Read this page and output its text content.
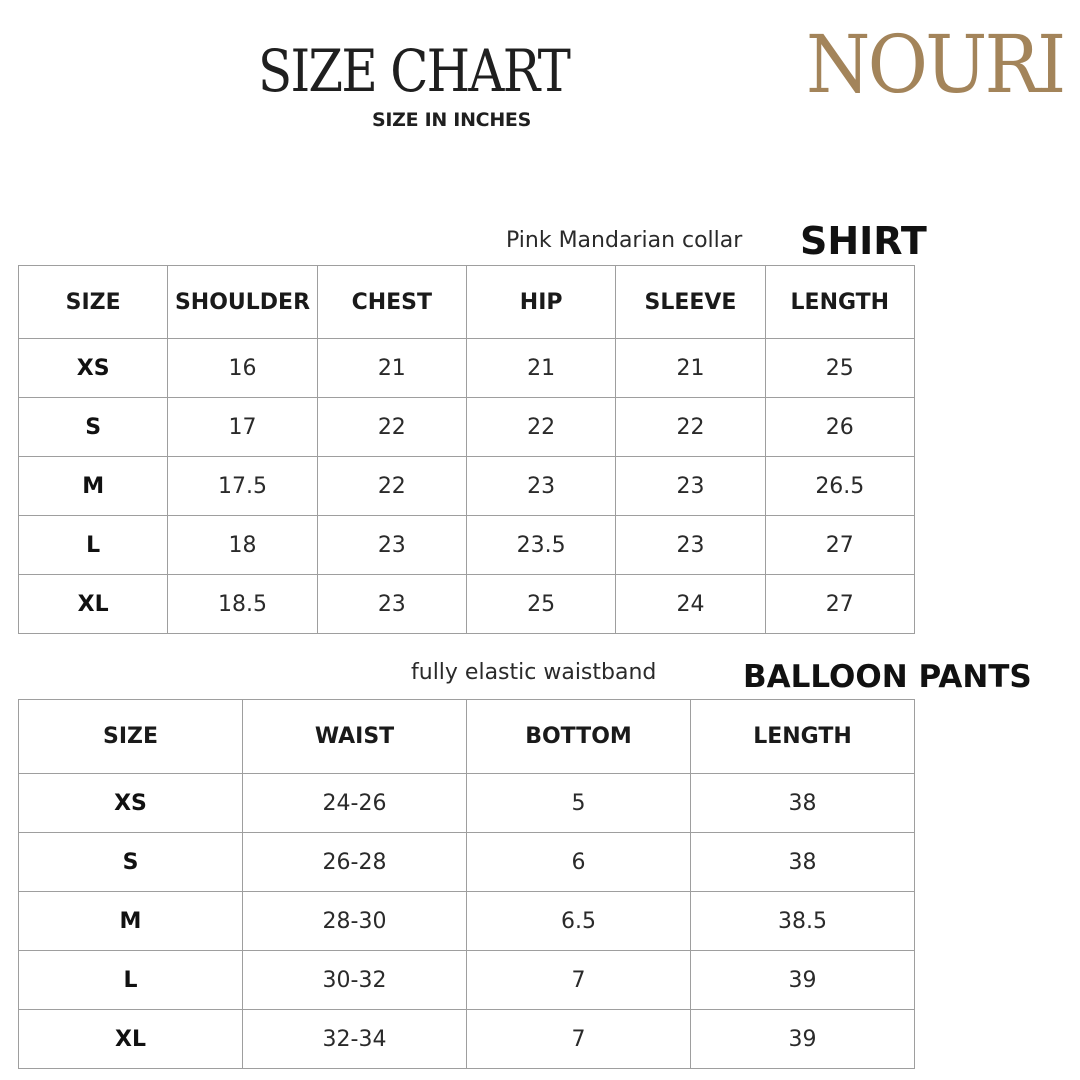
SIZE CHART
SIZE IN INCHES
NOURI
Pink Mandarian collar SHIRT
SIZE	SHOULDER	CHEST	HIP	SLEEVE	LENGTH
XS	16	21	21	21	25
S	17	22	22	22	26
M	17.5	22	23	23	26.5
L	18	23	23.5	23	27
XL	18.5	23	25	24	27
fully elastic waistband	BALLOON PANTS
SIZE	WAIST	BOTTOM	LENGTH
XS	24-26	5	38
S	26-28	6	38
M	28-30	6.5	38.5
L	30-32	7	39
XL	32-34	7	39
